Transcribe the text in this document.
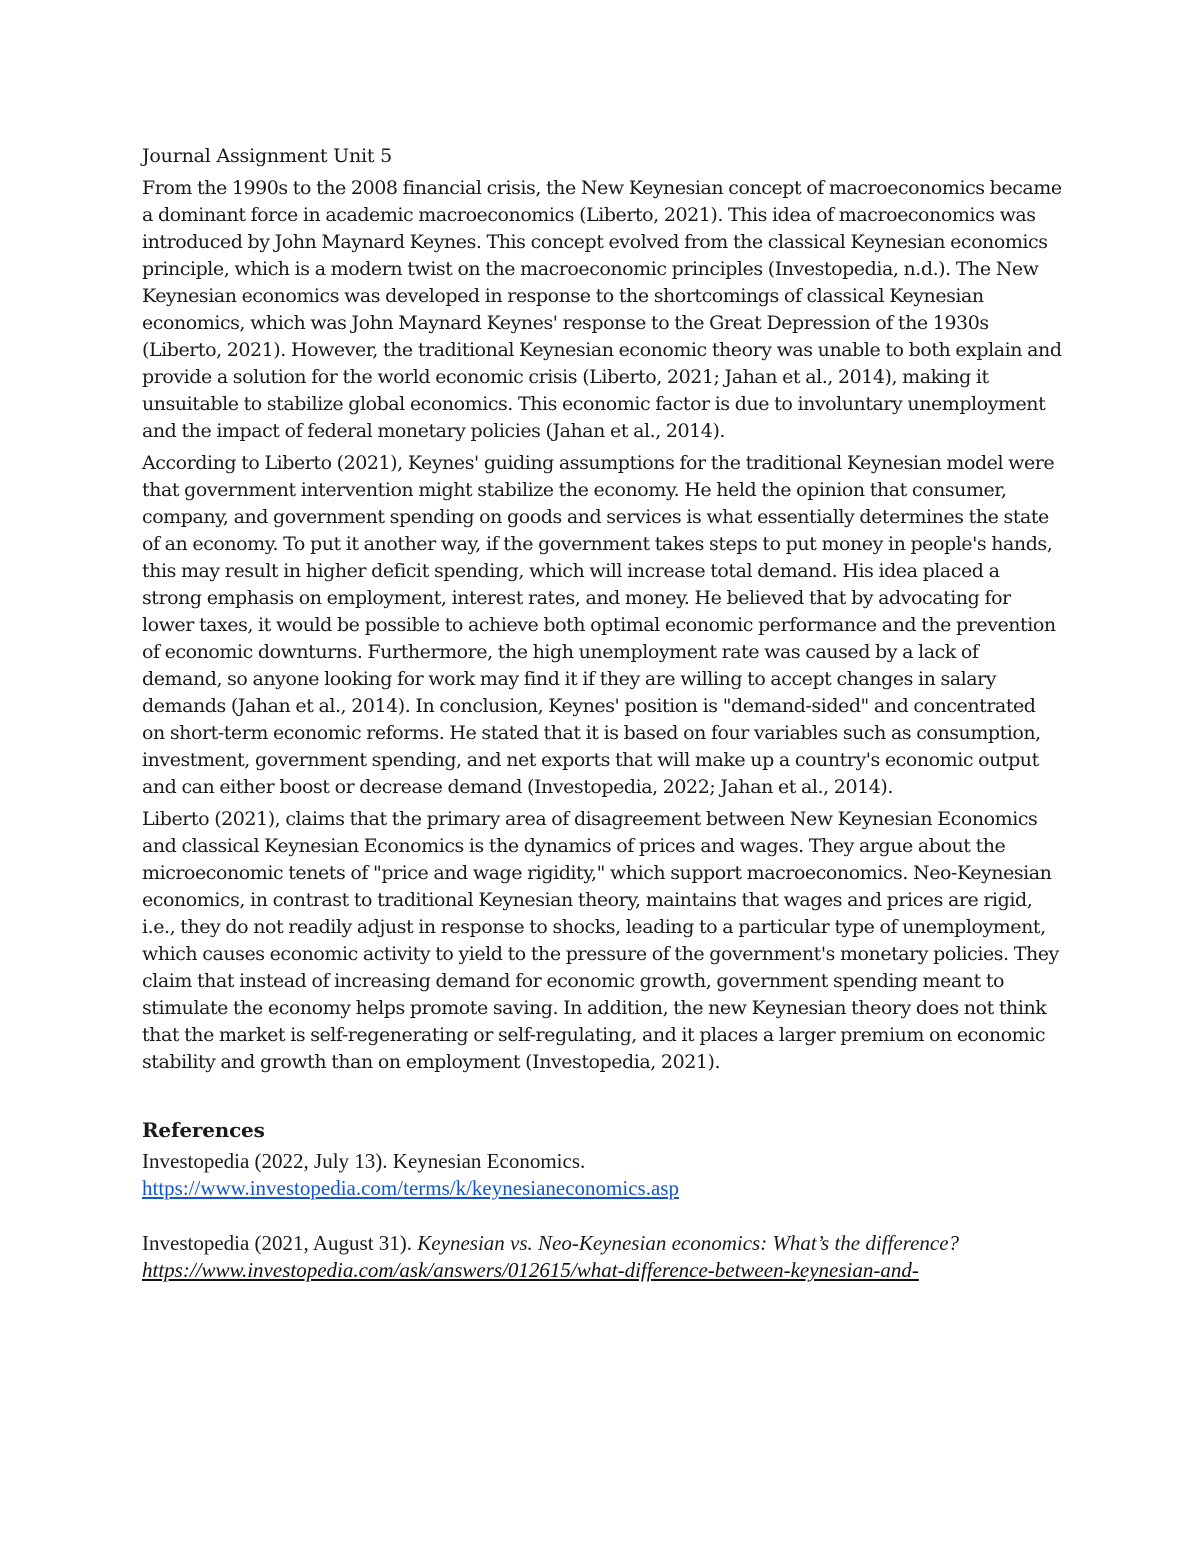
Journal Assignment Unit 5

From the 1990s to the 2008 financial crisis, the New Keynesian concept of macroeconomics became a dominant force in academic macroeconomics (Liberto, 2021). This idea of macroeconomics was introduced by John Maynard Keynes. This concept evolved from the classical Keynesian economics principle, which is a modern twist on the macroeconomic principles (Investopedia, n.d.). The New Keynesian economics was developed in response to the shortcomings of classical Keynesian economics, which was John Maynard Keynes' response to the Great Depression of the 1930s (Liberto, 2021). However, the traditional Keynesian economic theory was unable to both explain and provide a solution for the world economic crisis (Liberto, 2021; Jahan et al., 2014), making it unsuitable to stabilize global economics. This economic factor is due to involuntary unemployment and the impact of federal monetary policies (Jahan et al., 2014).

According to Liberto (2021), Keynes' guiding assumptions for the traditional Keynesian model were that government intervention might stabilize the economy. He held the opinion that consumer, company, and government spending on goods and services is what essentially determines the state of an economy. To put it another way, if the government takes steps to put money in people's hands, this may result in higher deficit spending, which will increase total demand. His idea placed a strong emphasis on employment, interest rates, and money. He believed that by advocating for lower taxes, it would be possible to achieve both optimal economic performance and the prevention of economic downturns. Furthermore, the high unemployment rate was caused by a lack of demand, so anyone looking for work may find it if they are willing to accept changes in salary demands (Jahan et al., 2014). In conclusion, Keynes' position is "demand-sided" and concentrated on short-term economic reforms. He stated that it is based on four variables such as consumption, investment, government spending, and net exports that will make up a country's economic output and can either boost or decrease demand (Investopedia, 2022; Jahan et al., 2014).

Liberto (2021), claims that the primary area of disagreement between New Keynesian Economics and classical Keynesian Economics is the dynamics of prices and wages. They argue about the microeconomic tenets of "price and wage rigidity," which support macroeconomics. Neo-Keynesian economics, in contrast to traditional Keynesian theory, maintains that wages and prices are rigid, i.e., they do not readily adjust in response to shocks, leading to a particular type of unemployment, which causes economic activity to yield to the pressure of the government's monetary policies. They claim that instead of increasing demand for economic growth, government spending meant to stimulate the economy helps promote saving. In addition, the new Keynesian theory does not think that the market is self-regenerating or self-regulating, and it places a larger premium on economic stability and growth than on employment (Investopedia, 2021).

References
Investopedia (2022, July 13). Keynesian Economics.
https://www.investopedia.com/terms/k/keynesianeconomics.asp
Investopedia (2021, August 31). Keynesian vs. Neo-Keynesian economics: What’s the difference?
https://www.investopedia.com/ask/answers/012615/what-difference-between-keynesian-and-
